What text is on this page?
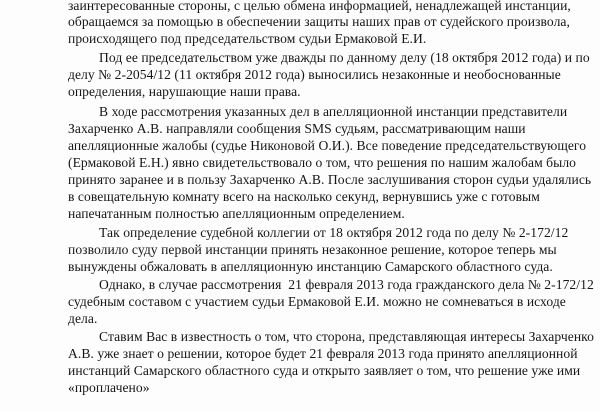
заинтересованные стороны, с целью обмена информацией, ненадлежащей инстанции,
обращаемся за помощью в обеспечении защиты наших прав от судейского произвола,
происходящего под председательством судьи Ермаковой Е.И.
Под ее председательством уже дважды по данному делу (18 октября 2012 года) и по
делу № 2-2054/12 (11 октября 2012 года) выносились незаконные и необоснованные
определения, нарушающие наши права.
В ходе рассмотрения указанных дел в апелляционной инстанции представители
Захарченко А.В. направляли сообщения SMS судьям, рассматривающим наши
апелляционные жалобы (судье Никоновой О.И.). Все поведение председательствующего
(Ермаковой Е.Н.) явно свидетельствовало о том, что решения по нашим жалобам было
принято заранее и в пользу Захарченко А.В. После заслушивания сторон судьи удалялись
в совещательную комнату всего на насколько секунд, вернувшись уже с готовым
напечатанным полностью апелляционным определением.
Так определение судебной коллегии от 18 октября 2012 года по делу № 2-172/12
позволило суду первой инстанции принять незаконное решение, которое теперь мы
вынуждены обжаловать в апелляционную инстанцию Самарского областного суда.
Однако, в случае рассмотрения  21 февраля 2013 года гражданского дела № 2-172/12
судебным составом с участием судьи Ермаковой Е.И. можно не сомневаться в исходе
дела.
Ставим Вас в известность о том, что сторона, представляющая интересы Захарченко
А.В. уже знает о решении, которое будет 21 февраля 2013 года принято апелляционной
инстанций Самарского областного суда и открыто заявляет о том, что решение уже ими
«проплачено»
